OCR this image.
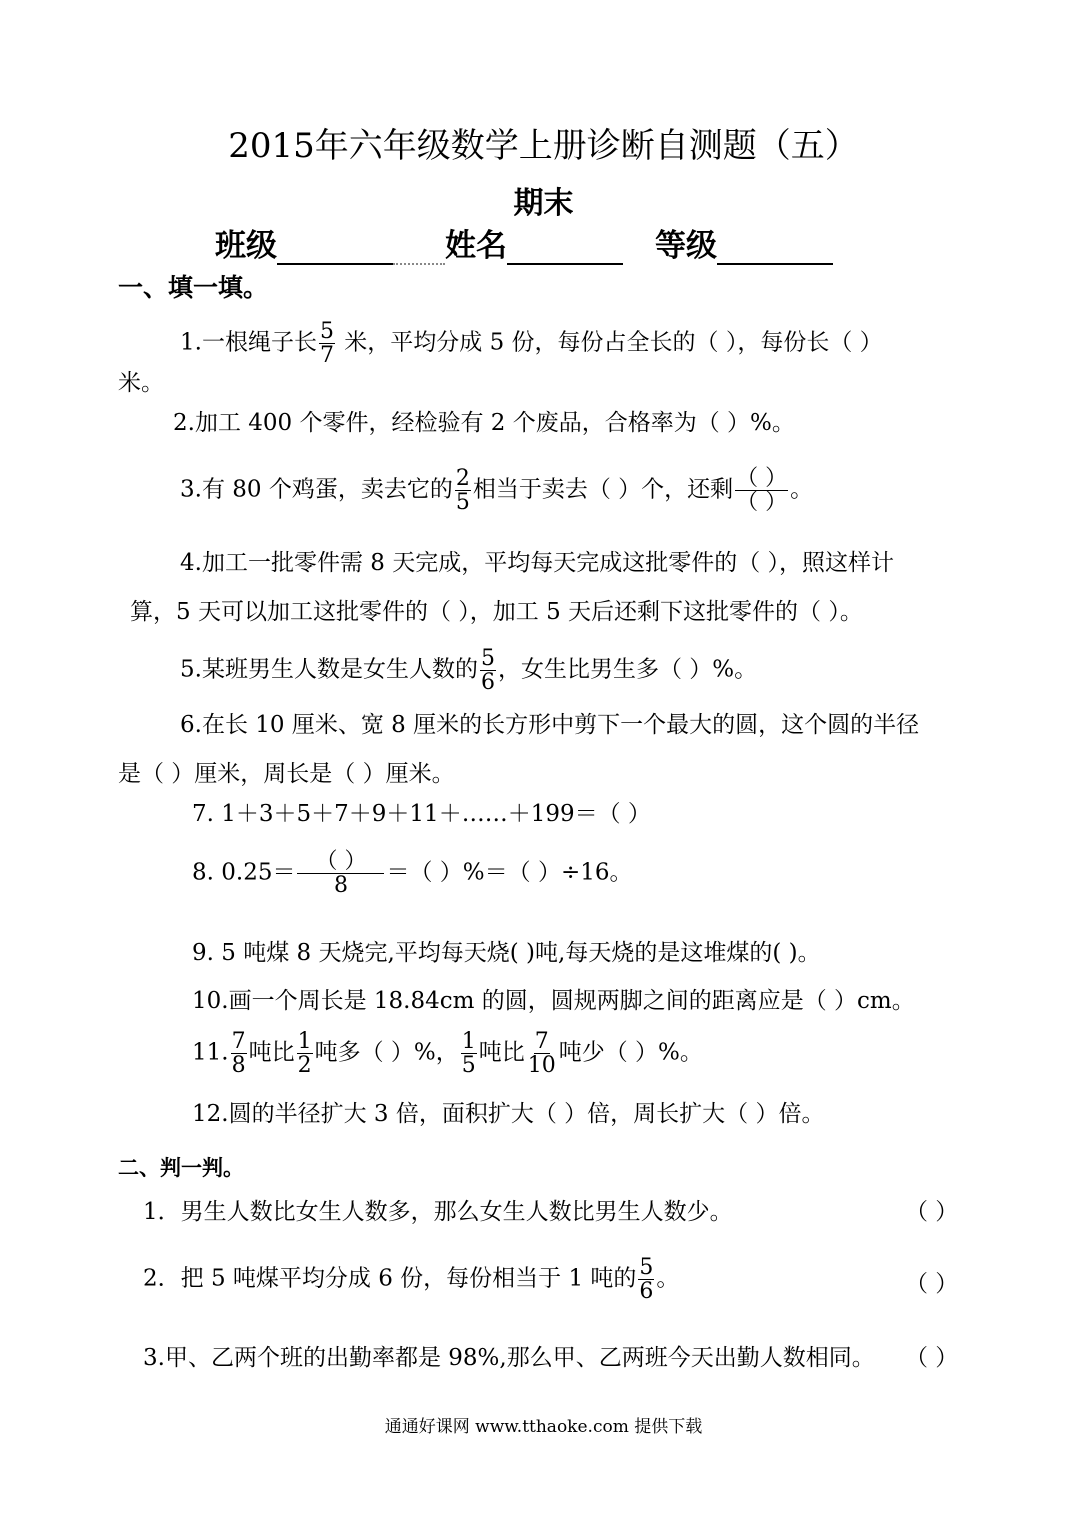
2015年六年级数学上册诊断自测题（五）
期末
班级	姓名	等级
一、填一填。
1.一根绳子长 $\frac{5}{7}$ 米，平均分成 5 份，每份占全长的（ ），每份长（ ）
米。
2.加工 400 个零件，经检验有 2 个废品，合格率为（ ）%。
3.有 80 个鸡蛋，卖去它的 $\frac{2}{5}$ 相当于卖去（ ）个，还剩 $\frac{( )}{( )}$ 。
4.加工一批零件需 8 天完成，平均每天完成这批零件的（ ），照这样计
算，5 天可以加工这批零件的（ ），加工 5 天后还剩下这批零件的（ ）。
5.某班男生人数是女生人数的 $\frac{5}{6}$ ，女生比男生多（ ）%。
6.在长 10 厘米、宽 8 厘米的长方形中剪下一个最大的圆，这个圆的半径
是（ ）厘米，周长是（ ）厘米。
7. 1＋3＋5＋7＋9＋11＋……＋199＝（ ）
8. $0.25= \frac{( )}{8}$ ＝（ ）%＝（ ）÷16。
9. 5 吨煤 8 天烧完,平均每天烧( )吨,每天烧的是这堆煤的( )。
10.画一个周长是 18.84cm 的圆，圆规两脚之间的距离应是（ ）cm。
11. $\frac{7}{8}$ 吨比 $\frac{1}{2}$ 吨多（ ）%， $\frac{1}{5}$ 吨比 $\frac{7}{10}$ 吨少（ ）%。
12.圆的半径扩大 3 倍，面积扩大（ ）倍，周长扩大（ ）倍。
二、判一判。
1．男生人数比女生人数多，那么女生人数比男生人数少。	（ ）
2．把 5 吨煤平均分成 6 份，每份相当于 1 吨的 $\frac{5}{6}$ 。	（ ）
3.甲、乙两个班的出勤率都是 98%,那么甲、乙两班今天出勤人数相同。 （ ）
通通好课网 www.tthaoke.com 提供下载
